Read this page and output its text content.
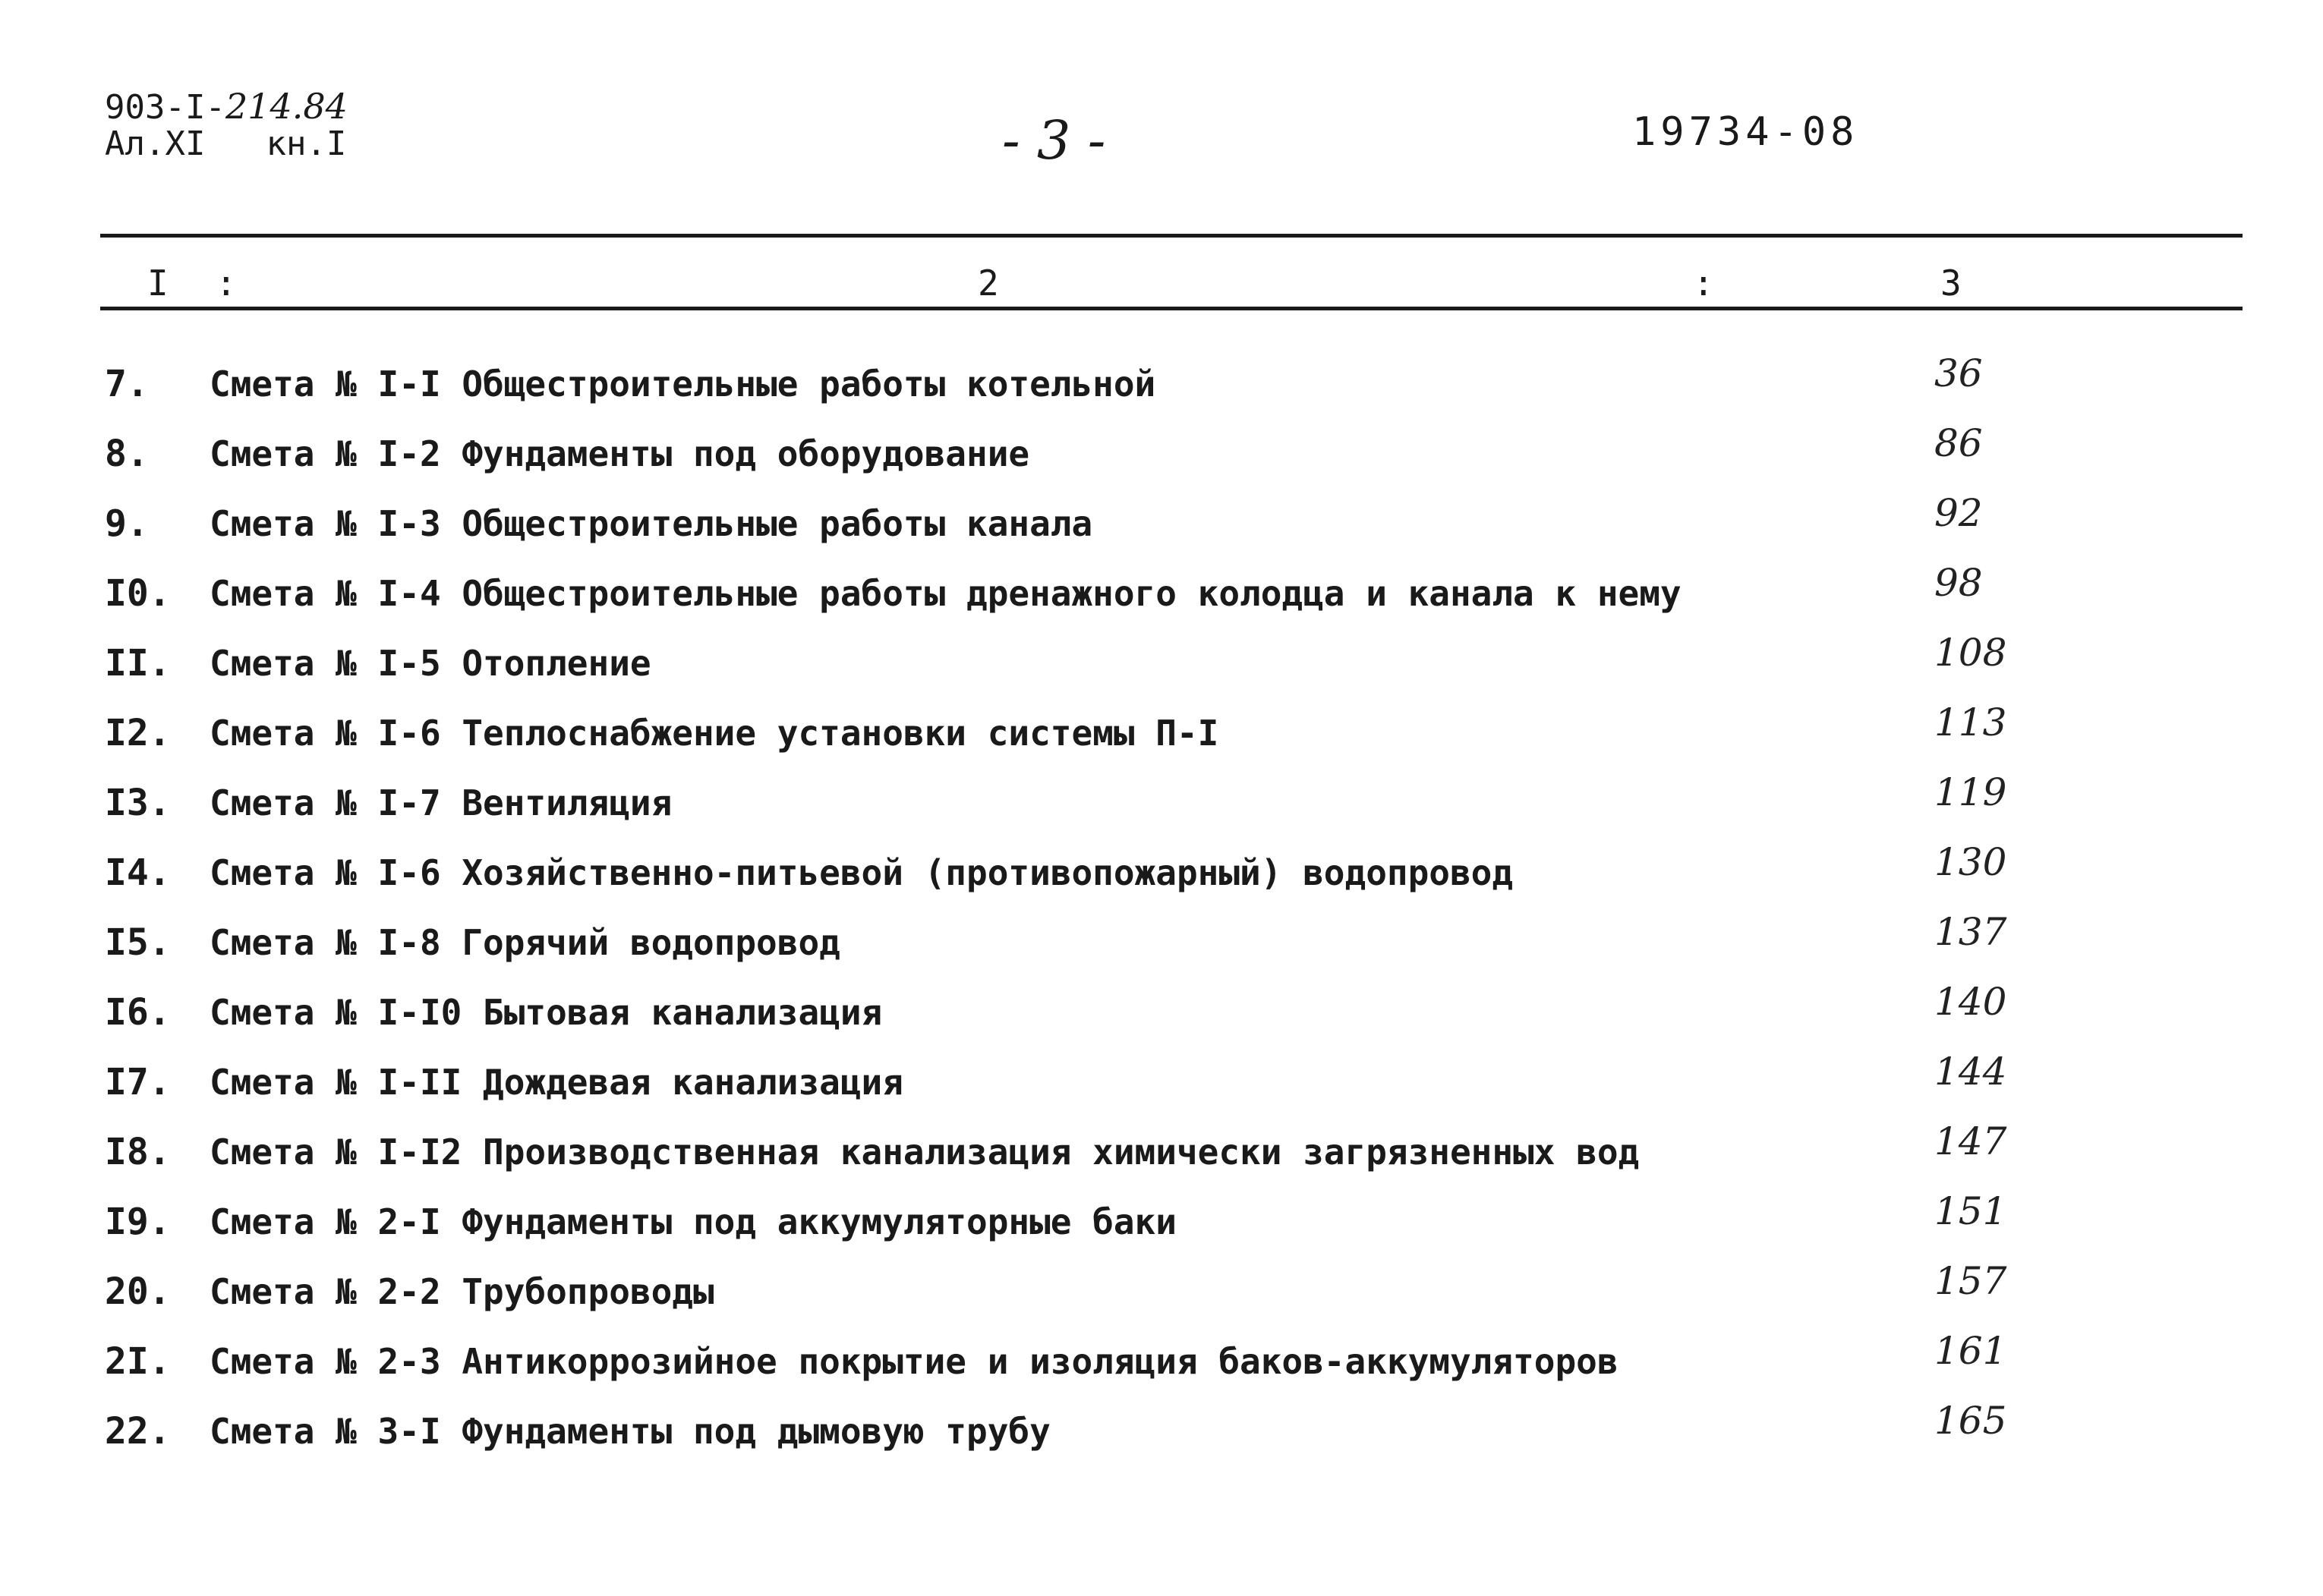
903-I-214.84
Ал.XI кн.I	- 3 -	19734-08
I :	2	:	3
7. Смета № I-I Общестроительные работы котельной	36
8. Смета № I-2 Фундаменты под оборудование	86
9. Смета № I-3 Общестроительные работы канала	92
I0. Смета № I-4 Общестроительные работы дренажного колодца и канала к нему	98
II. Смета № I-5 Отопление	108
I2. Смета № I-6 Теплоснабжение установки системы П-I	113
I3. Смета № I-7 Вентиляция	119
I4. Смета № I-6 Хозяйственно-питьевой (противопожарный) водопровод	130
I5. Смета № I-8 Горячий водопровод	137
I6. Смета № I-I0 Бытовая канализация	140
I7. Смета № I-II Дождевая канализация	144
I8. Смета № I-I2 Производственная канализация химически загрязненных вод	147
I9. Смета № 2-I Фундаменты под аккумуляторные баки	151
20. Смета № 2-2 Трубопроводы	157
2I. Смета № 2-3 Антикоррозийное покрытие и изоляция баков-аккумуляторов	161
22. Смета № 3-I Фундаменты под дымовую трубу	165
